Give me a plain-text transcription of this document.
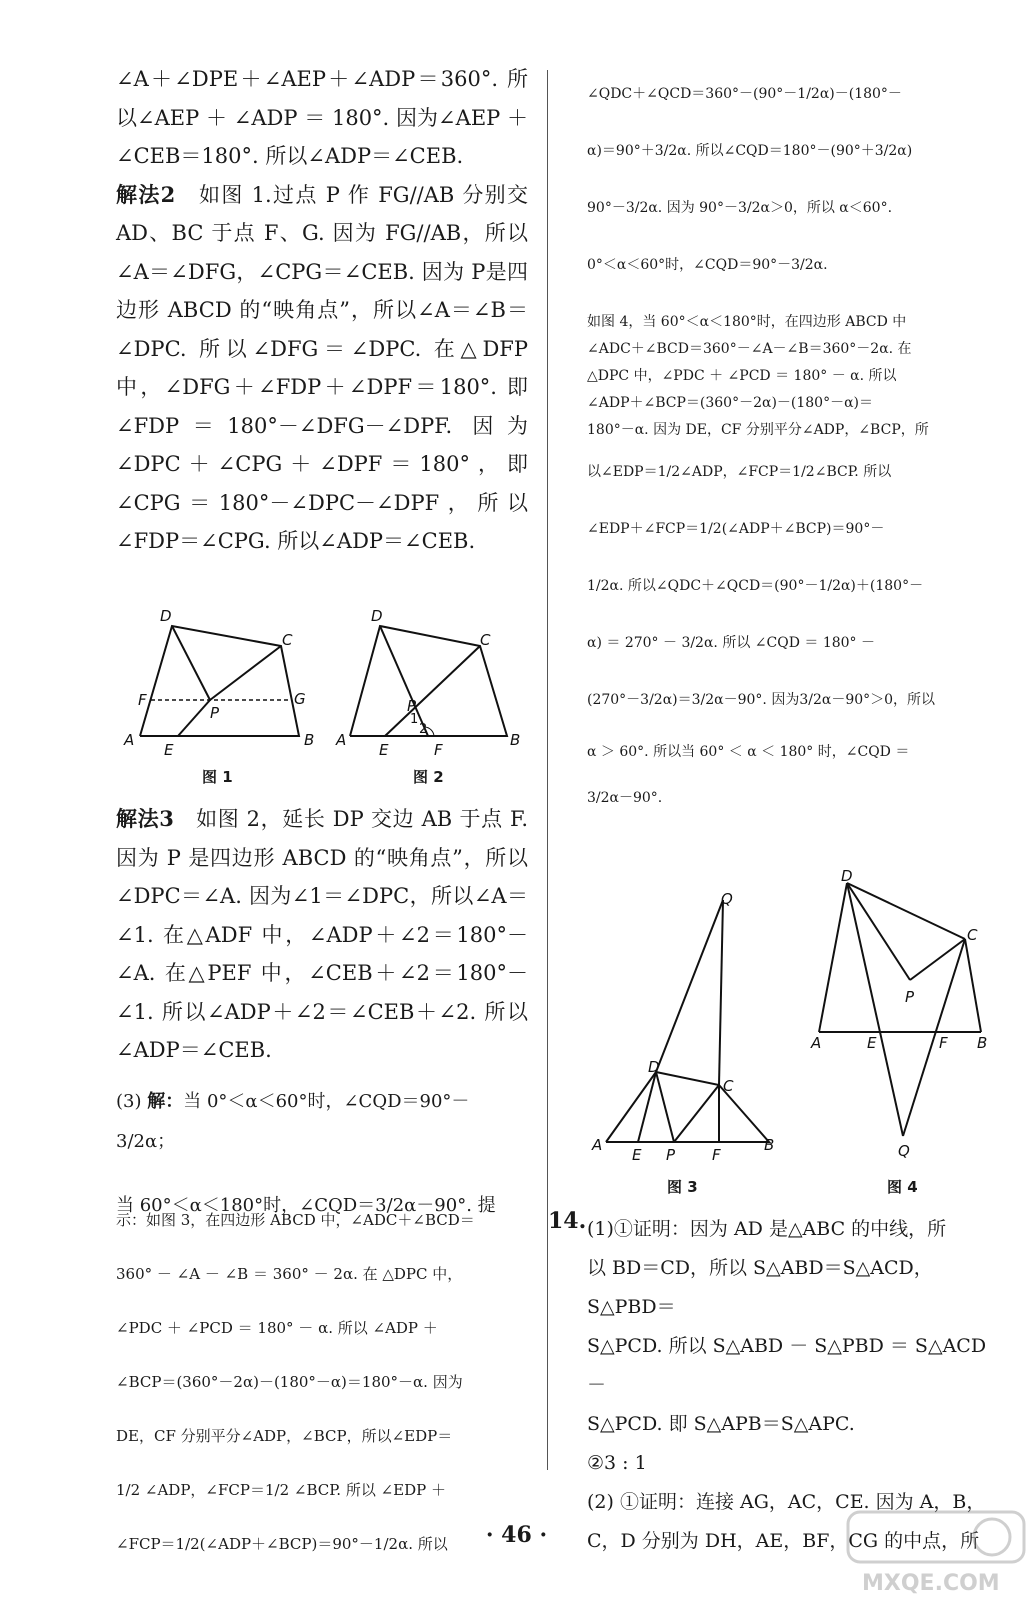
∠A＋∠DPE＋∠AEP＋∠ADP＝360°. 所以∠AEP ＋ ∠ADP ＝ 180°. 因为∠AEP ＋ ∠CEB＝180°. 所以∠ADP＝∠CEB.

解法2　 如图 1.过点 P 作 FG//AB 分别交AD、BC 于点 F、G. 因为 FG//AB，所以∠A＝∠DFG，∠CPG＝∠CEB. 因为 P是四边形 ABCD 的“映角点”，所以∠A＝∠B＝∠DPC. 所以∠DFG＝∠DPC. 在△DFP 中，∠DFG＋∠FDP＋∠DPF＝180°. 即∠FDP＝180°－∠DFG－∠DPF. 因为∠DPC＋∠CPG＋∠DPF＝180°，即∠CPG＝180°－∠DPC－∠DPF，所以∠FDP＝∠CPG. 所以∠ADP＝∠CEB.

D
C
F	G
P
A
E
B
图 1
D
C
P
1
2
A
E	F
B
图 2

解法3　 如图 2，延长 DP 交边 AB 于点 F. 因为 P 是四边形 ABCD 的“映角点”，所以∠DPC＝∠A. 因为∠1＝∠DPC，所以∠A＝∠1. 在△ADF 中，∠ADP＋∠2＝180°－∠A. 在△PEF 中，∠CEB＋∠2＝180°－∠1. 所以∠ADP＋∠2＝∠CEB＋∠2. 所以∠ADP＝∠CEB.

(3) 解：当 0°＜α＜60°时，∠CQD＝90°－3/2α；
当 60°＜α＜180°时，∠CQD＝3/2α－90°. 提

示：如图 3，在四边形 ABCD 中，∠ADC＋∠BCD＝

360° － ∠A － ∠B ＝ 360° － 2α. 在 △DPC 中，

∠PDC ＋ ∠PCD ＝ 180° － α. 所以 ∠ADP ＋

∠BCP＝(360°－2α)－(180°－α)＝180°－α. 因为

DE，CF 分别平分∠ADP，∠BCP，所以∠EDP＝

1/2 ∠ADP，∠FCP＝1/2 ∠BCP. 所以 ∠EDP ＋

∠FCP＝1/2(∠ADP＋∠BCP)＝90°－1/2α. 所以

∠QDC＋∠QCD＝360°－(90°－1/2α)－(180°－

α)＝90°＋3/2α. 所以∠CQD＝180°－(90°＋3/2α)

90°－3/2α. 因为 90°－3/2α＞0，所以 α＜60°.

0°＜α＜60°时，∠CQD＝90°－3/2α.

如图 4，当 60°＜α＜180°时，在四边形 ABCD 中

∠ADC＋∠BCD＝360°－∠A－∠B＝360°－2α. 在

△DPC 中，∠PDC ＋ ∠PCD ＝ 180° － α. 所以

∠ADP＋∠BCP＝(360°－2α)－(180°－α)＝

180°－α. 因为 DE，CF 分别平分∠ADP，∠BCP，所

以∠EDP＝1/2∠ADP，∠FCP＝1/2∠BCP. 所以

∠EDP＋∠FCP＝1/2(∠ADP＋∠BCP)＝90°－

1/2α. 所以∠QDC＋∠QCD＝(90°－1/2α)＋(180°－

α) ＝ 270° － 3/2α. 所以 ∠CQD ＝ 180° －

(270°－3/2α)＝3/2α－90°. 因为3/2α－90°＞0，所以

α ＞ 60°. 所以当 60° ＜ α ＜ 180° 时，∠CQD ＝

3/2α－90°.

Q
D
C
A
E P F
B
图 3
D
C
P
A	E	F B
Q
图 4
14. (1)①证明：因为 AD 是△ABC 的中线，所
以 BD＝CD，所以 S△ABD＝S△ACD，S△PBD＝
S△PCD. 所以 S△ABD － S△PBD ＝ S△ACD －
S△PCD. 即 S△APB＝S△APC.
②3 : 1
(2) ①证明：连接 AG，AC，CE. 因为 A，B，
C，D 分别为 DH，AE，BF，CG 的中点，所
· 46 ·
MXQE.COM
